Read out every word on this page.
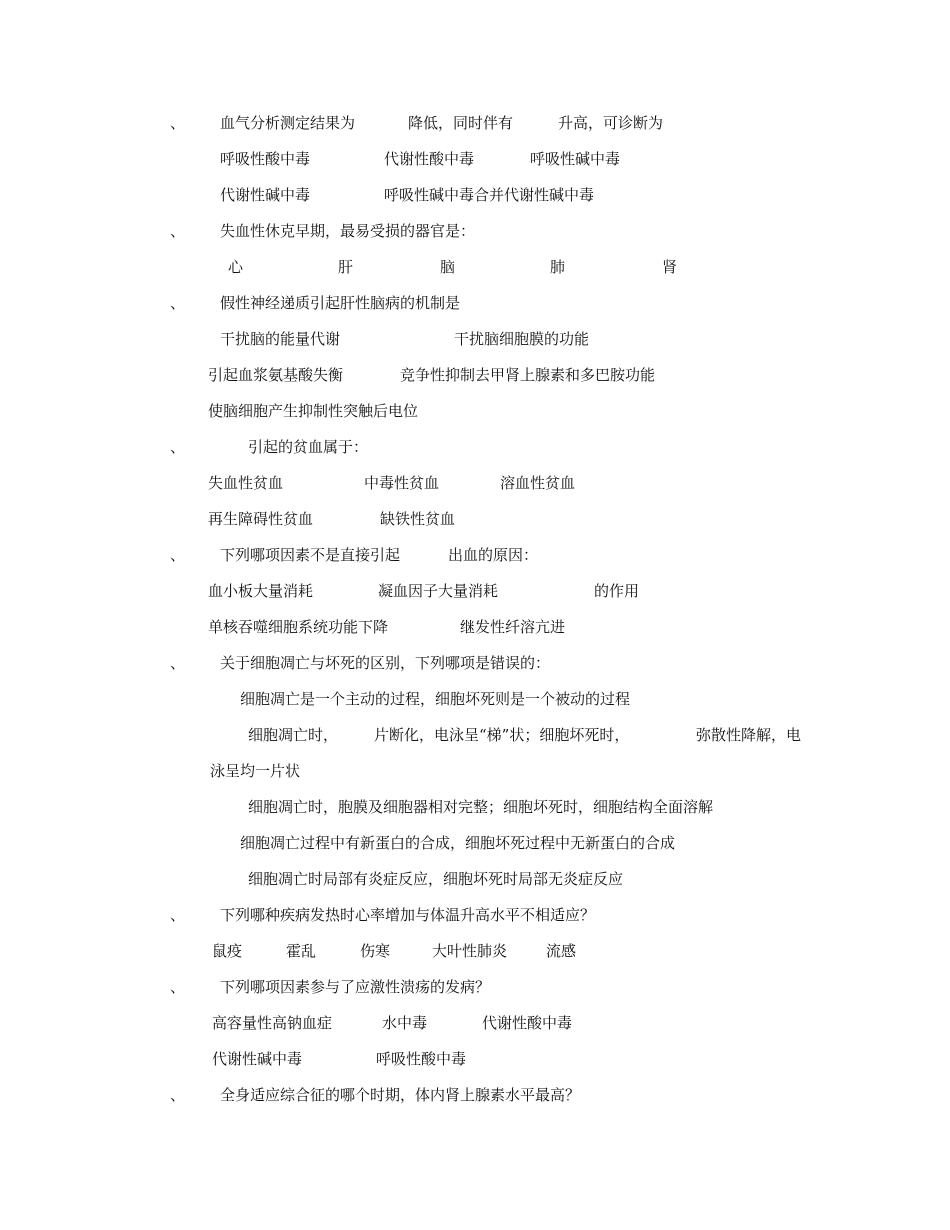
、 血气分析测定结果为	降低，同时伴有	升高，可诊断为
呼吸性酸中毒	代谢性酸中毒	呼吸性碱中毒
代谢性碱中毒	呼吸性碱中毒合并代谢性碱中毒
、 失血性休克早期，最易受损的器官是：
心	肝	脑	肺	肾
、 假性神经递质引起肝性脑病的机制是
干扰脑的能量代谢	干扰脑细胞膜的功能
引起血浆氨基酸失衡	竞争性抑制去甲肾上腺素和多巴胺功能
使脑细胞产生抑制性突触后电位
、	引起的贫血属于：
失血性贫血	中毒性贫血	溶血性贫血
再生障碍性贫血	缺铁性贫血
、 下列哪项因素不是直接引起	出血的原因：
血小板大量消耗	凝血因子大量消耗	的作用
单核吞噬细胞系统功能下降	继发性纤溶亢进
、 关于细胞凋亡与坏死的区别，下列哪项是错误的：
细胞凋亡是一个主动的过程，细胞坏死则是一个被动的过程
细胞凋亡时， 片断化，电泳呈“梯”状；细胞坏死时，	弥散性降解，电
泳呈均一片状
细胞凋亡时，胞膜及细胞器相对完整；细胞坏死时，细胞结构全面溶解
细胞凋亡过程中有新蛋白的合成，细胞坏死过程中无新蛋白的合成
细胞凋亡时局部有炎症反应，细胞坏死时局部无炎症反应
、 下列哪种疾病发热时心率增加与体温升高水平不相适应？
鼠疫	霍乱	伤寒	大叶性肺炎	流感
、 下列哪项因素参与了应激性溃疡的发病？
高容量性高钠血症	水中毒	代谢性酸中毒
代谢性碱中毒	呼吸性酸中毒
、 全身适应综合征的哪个时期，体内肾上腺素水平最高？
